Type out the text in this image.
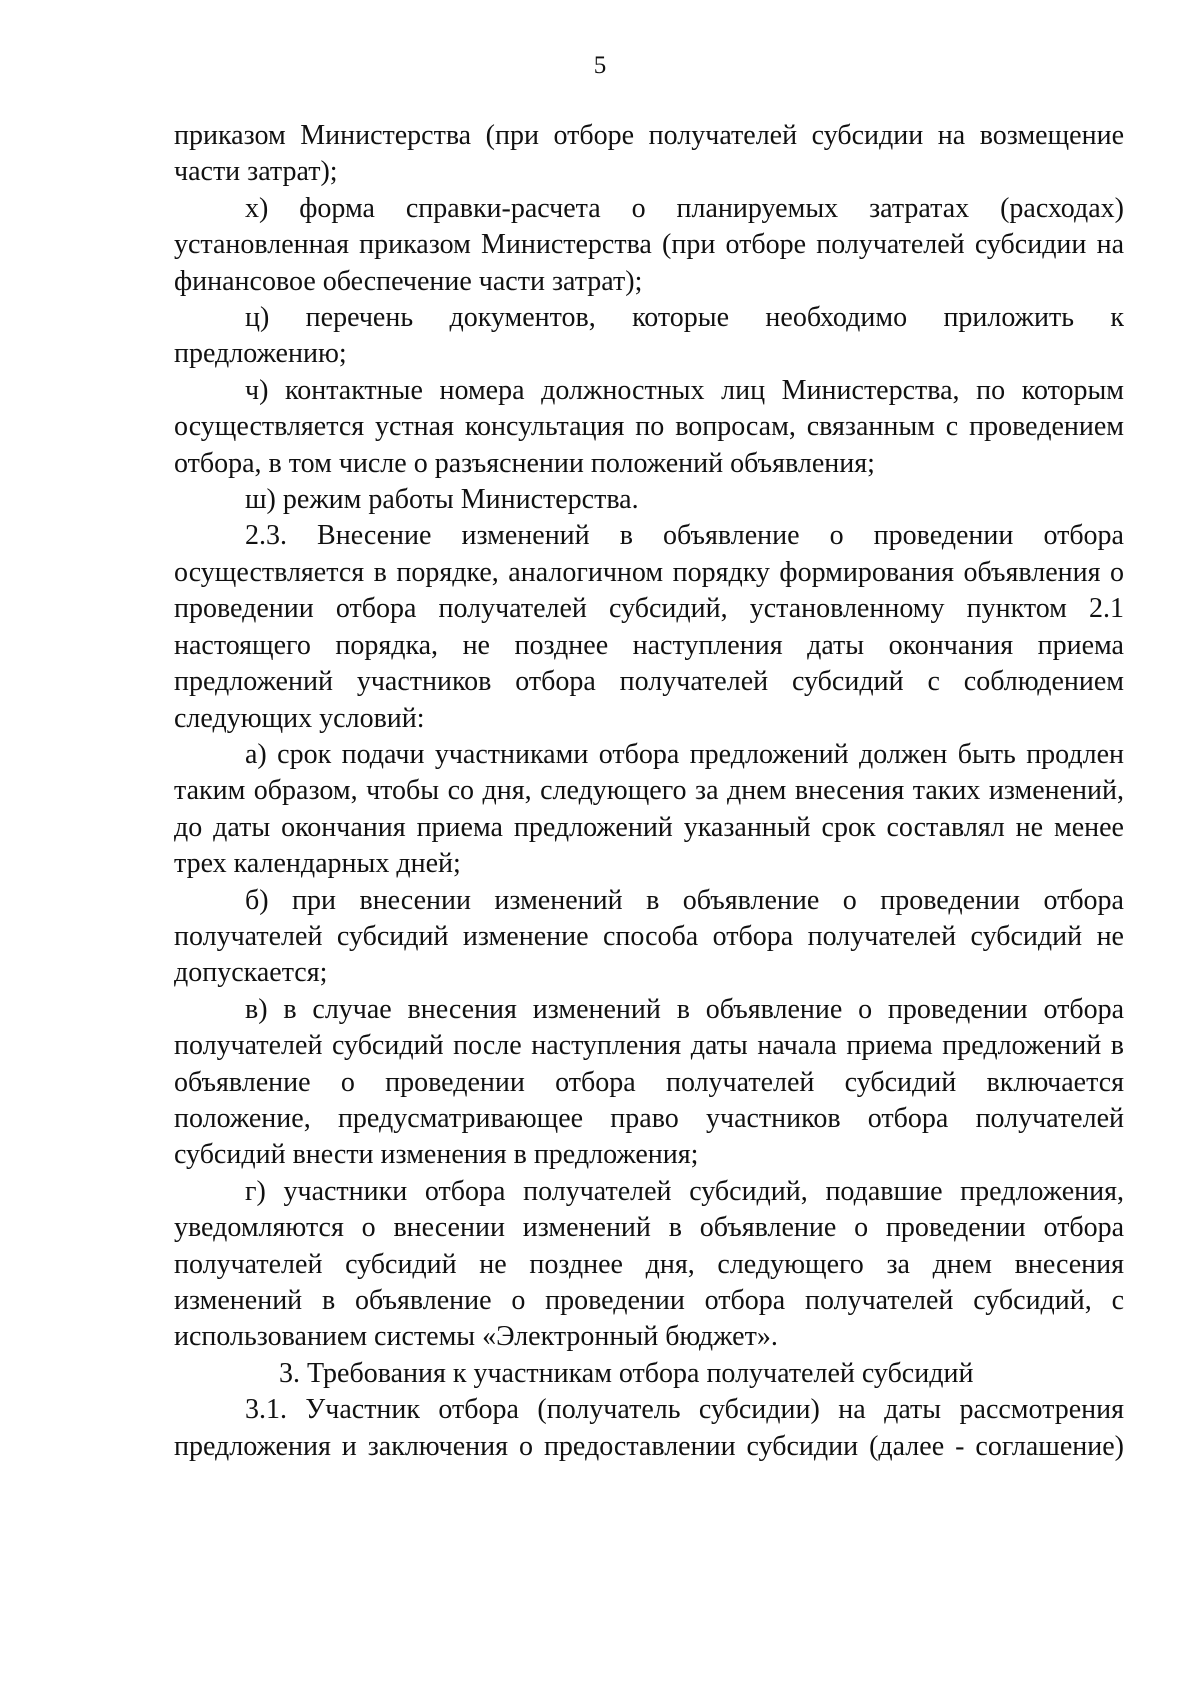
5

приказом Министерства (при отборе получателей субсидии на возмещение части затрат);

х) форма справки-расчета о планируемых затратах (расходах) установленная приказом Министерства (при отборе получателей субсидии на финансовое обеспечение части затрат);

ц) перечень документов, которые необходимо приложить к предложению;

ч) контактные номера должностных лиц Министерства, по которым осуществляется устная консультация по вопросам, связанным с проведением отбора, в том числе о разъяснении положений объявления;

ш) режим работы Министерства.

2.3. Внесение изменений в объявление о проведении отбора осуществляется в порядке, аналогичном порядку формирования объявления о проведении отбора получателей субсидий, установленному пунктом 2.1 настоящего порядка, не позднее наступления даты окончания приема предложений участников отбора получателей субсидий с соблюдением следующих условий:

а) срок подачи участниками отбора предложений должен быть продлен таким образом, чтобы со дня, следующего за днем внесения таких изменений, до даты окончания приема предложений указанный срок составлял не менее трех календарных дней;

б) при внесении изменений в объявление о проведении отбора получателей субсидий изменение способа отбора получателей субсидий не допускается;

в) в случае внесения изменений в объявление о проведении отбора получателей субсидий после наступления даты начала приема предложений в объявление о проведении отбора получателей субсидий включается положение, предусматривающее право участников отбора получателей субсидий внести изменения в предложения;

г) участники отбора получателей субсидий, подавшие предложения, уведомляются о внесении изменений в объявление о проведении отбора получателей субсидий не позднее дня, следующего за днем внесения изменений в объявление о проведении отбора получателей субсидий, с использованием системы «Электронный бюджет».

3. Требования к участникам отбора получателей субсидий

3.1. Участник отбора (получатель субсидии) на даты рассмотрения предложения и заключения о предоставлении субсидии (далее - соглашение)
